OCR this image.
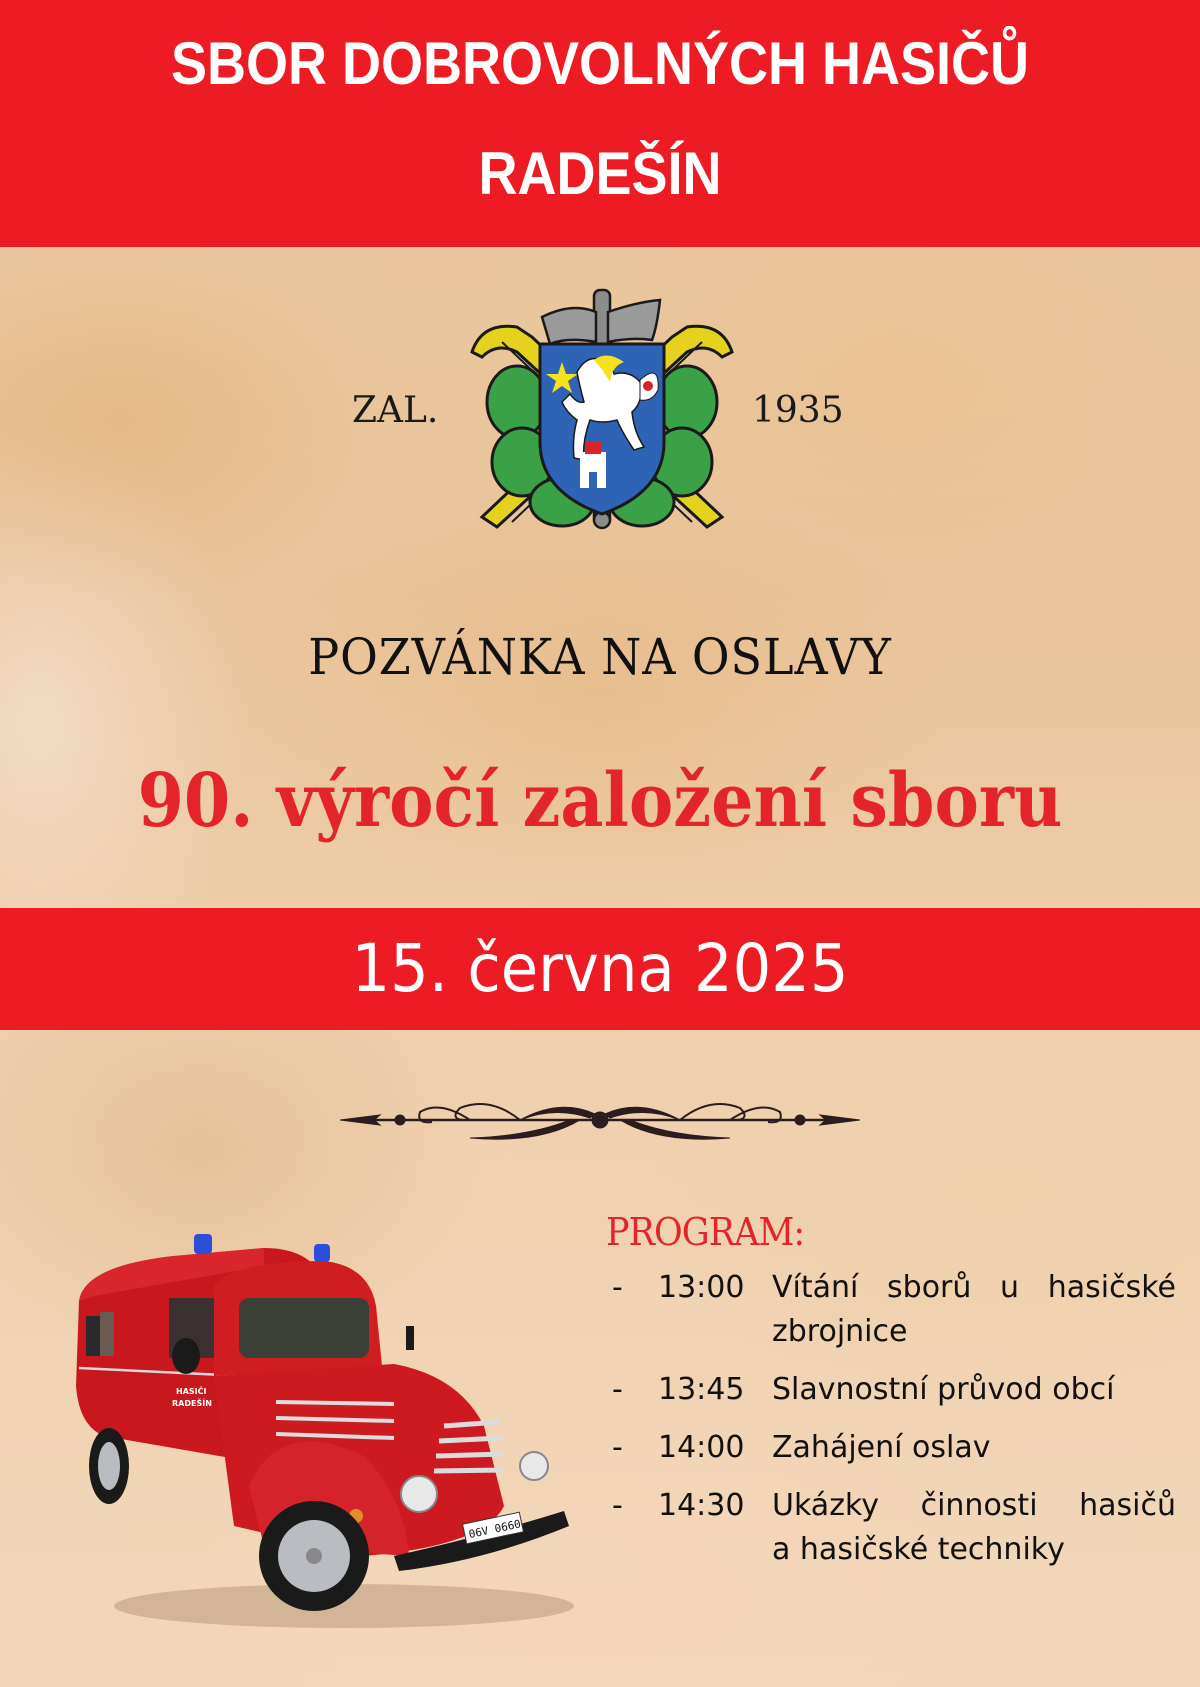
SBOR DOBROVOLNÝCH HASIČŮ
RADEŠÍN
ZAL.	1935
POZVÁNKA NA OSLAVY
90. výročí založení sboru
15. června 2025
06V 0660
HASIČI
RADEŠÍN
PROGRAM:
-	13:00 Vítání sborů u hasičské
zbrojnice
-	13:45 Slavnostní průvod obcí
-	14:00 Zahájení oslav
-	14:30 Ukázky činnosti hasičů
a hasičské techniky
